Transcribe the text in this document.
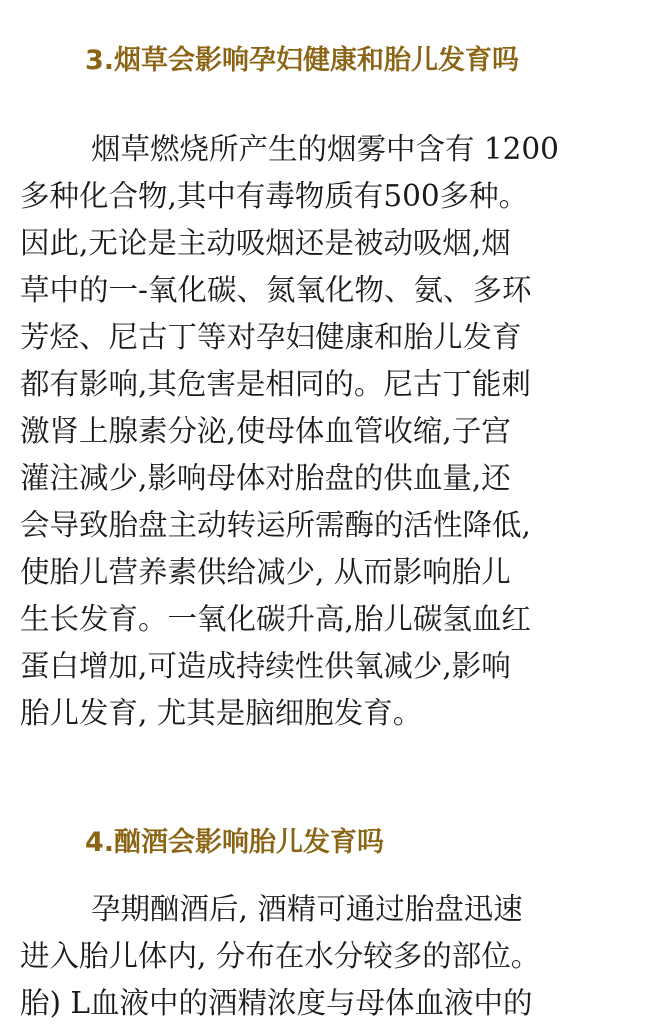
3.烟草会影响孕妇健康和胎儿发育吗
烟草燃烧所产生的烟雾中含有 1200
多种化合物,其中有毒物质有500多种。
因此,无论是主动吸烟还是被动吸烟,烟
草中的一-氧化碳、氮氧化物、氨、多环
芳烃、尼古丁等对孕妇健康和胎儿发育
都有影响,其危害是相同的。尼古丁能刺
激肾上腺素分泌,使母体血管收缩,子宫
灌注减少,影响母体对胎盘的供血量,还
会导致胎盘主动转运所需酶的活性降低,
使胎儿营养素供给减少, 从而影响胎儿
生长发育。一氧化碳升高,胎儿碳氢血红
蛋白增加,可造成持续性供氧减少,影响
胎儿发育, 尤其是脑细胞发育。
4.酗酒会影响胎儿发育吗
孕期酗酒后, 酒精可通过胎盘迅速
进入胎儿体内, 分布在水分较多的部位。
胎) L血液中的酒精浓度与母体血液中的
